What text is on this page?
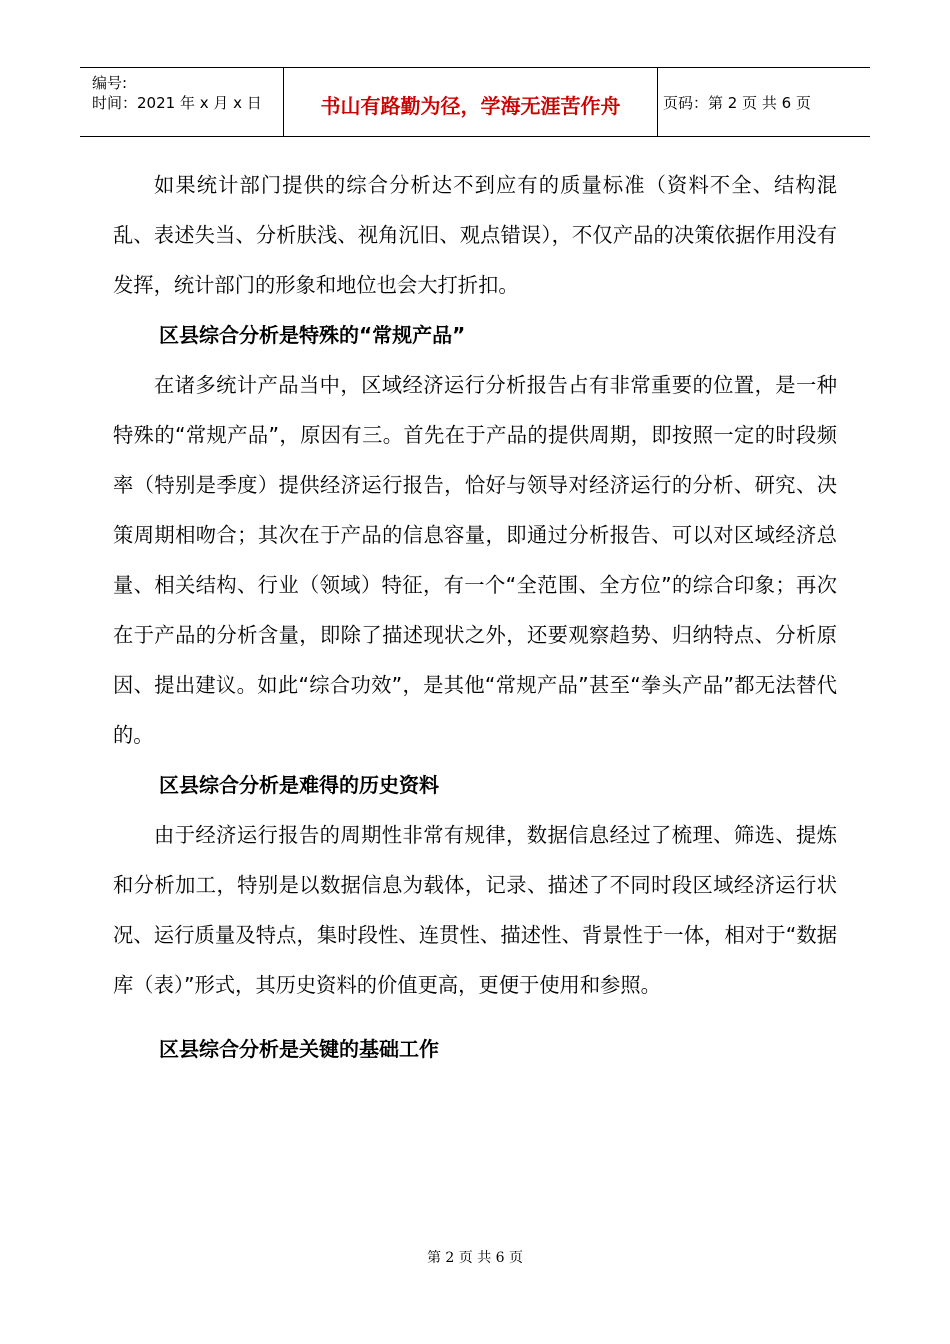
编号:
时间：2021 年 x 月 x 日	书山有路勤为径，学海无涯苦作舟	页码：第 2 页 共 6 页

如果统计部门提供的综合分析达不到应有的质量标准（资料不全、结构混乱、表述失当、分析肤浅、视角沉旧、观点错误），不仅产品的决策依据作用没有发挥，统计部门的形象和地位也会大打折扣。

区县综合分析是特殊的“常规产品”

在诸多统计产品当中，区域经济运行分析报告占有非常重要的位置，是一种特殊的“常规产品”，原因有三。首先在于产品的提供周期，即按照一定的时段频率（特别是季度）提供经济运行报告，恰好与领导对经济运行的分析、研究、决策周期相吻合；其次在于产品的信息容量，即通过分析报告、可以对区域经济总量、相关结构、行业（领域）特征，有一个“全范围、全方位”的综合印象；再次在于产品的分析含量，即除了描述现状之外，还要观察趋势、归纳特点、分析原因、提出建议。如此“综合功效”，是其他“常规产品”甚至“拳头产品”都无法替代的。

区县综合分析是难得的历史资料

由于经济运行报告的周期性非常有规律，数据信息经过了梳理、筛选、提炼和分析加工，特别是以数据信息为载体，记录、描述了不同时段区域经济运行状况、运行质量及特点，集时段性、连贯性、描述性、背景性于一体，相对于“数据库（表）”形式，其历史资料的价值更高，更便于使用和参照。

区县综合分析是关键的基础工作

第 2 页 共 6 页
